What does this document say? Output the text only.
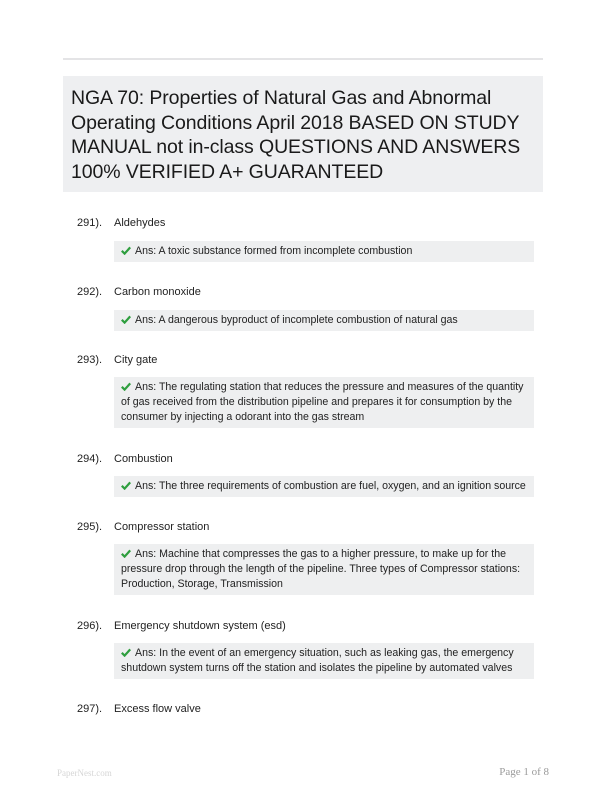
NGA 70: Properties of Natural Gas and Abnormal Operating Conditions April 2018 BASED ON STUDY MANUAL not in-class QUESTIONS AND ANSWERS 100% VERIFIED A+ GUARANTEED
291). Aldehydes
Ans: A toxic substance formed from incomplete combustion
292). Carbon monoxide
Ans: A dangerous byproduct of incomplete combustion of natural gas
293). City gate
Ans: The regulating station that reduces the pressure and measures of the quantity of gas received from the distribution pipeline and prepares it for consumption by the consumer by injecting a odorant into the gas stream
294). Combustion
Ans: The three requirements of combustion are fuel, oxygen, and an ignition source
295). Compressor station
Ans: Machine that compresses the gas to a higher pressure, to make up for the pressure drop through the length of the pipeline. Three types of Compressor stations: Production, Storage, Transmission
296). Emergency shutdown system (esd)
Ans: In the event of an emergency situation, such as leaking gas, the emergency shutdown system turns off the station and isolates the pipeline by automated valves
297). Excess flow valve
PaperNest.com	Page 1 of 8
